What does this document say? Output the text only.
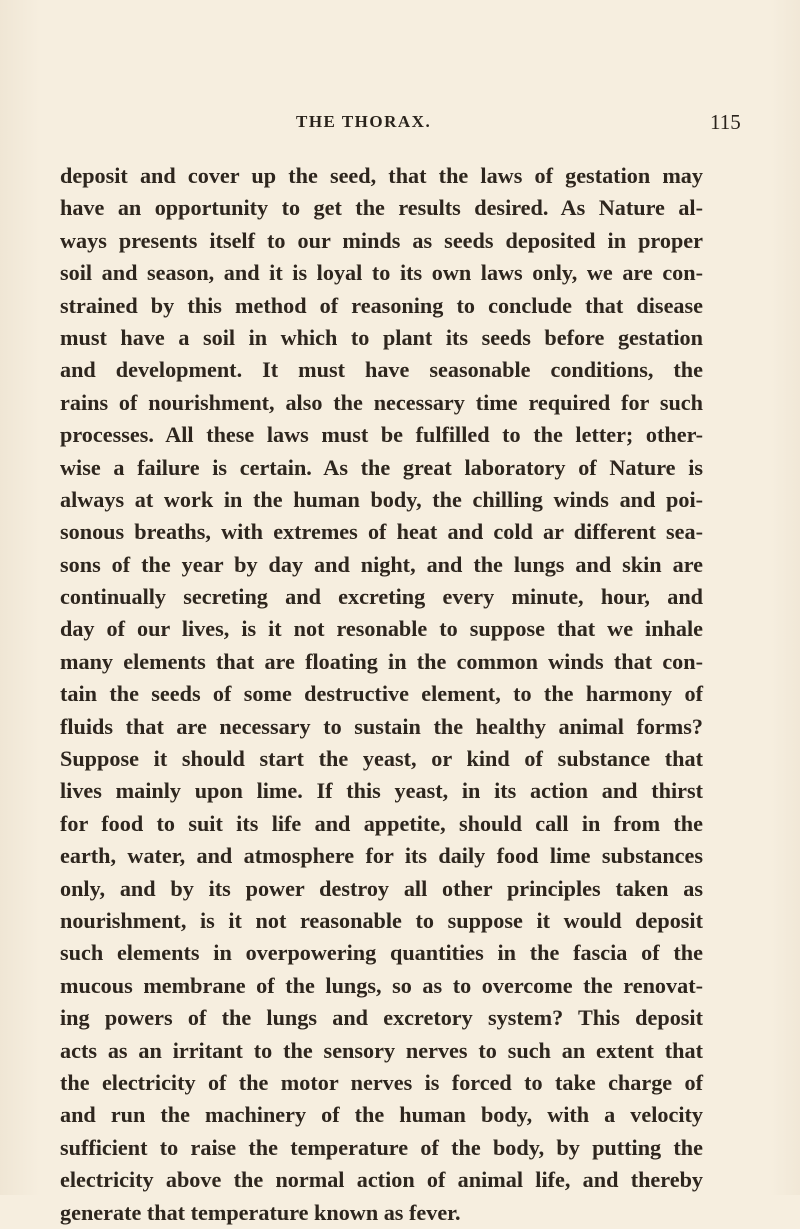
THE THORAX.	115
deposit and cover up the seed, that the laws of gestation may
have an opportunity to get the results desired. As Nature al-
ways presents itself to our minds as seeds deposited in proper
soil and season, and it is loyal to its own laws only, we are con-
strained by this method of reasoning to conclude that disease
must have a soil in which to plant its seeds before gestation
and development. It must have seasonable conditions, the
rains of nourishment, also the necessary time required for such
processes. All these laws must be fulfilled to the letter; other-
wise a failure is certain. As the great laboratory of Nature is
always at work in the human body, the chilling winds and poi-
sonous breaths, with extremes of heat and cold ar different sea-
sons of the year by day and night, and the lungs and skin are
continually secreting and excreting every minute, hour, and
day of our lives, is it not resonable to suppose that we inhale
many elements that are floating in the common winds that con-
tain the seeds of some destructive element, to the harmony of
fluids that are necessary to sustain the healthy animal forms?
Suppose it should start the yeast, or kind of substance that
lives mainly upon lime. If this yeast, in its action and thirst
for food to suit its life and appetite, should call in from the
earth, water, and atmosphere for its daily food lime substances
only, and by its power destroy all other principles taken as
nourishment, is it not reasonable to suppose it would deposit
such elements in overpowering quantities in the fascia of the
mucous membrane of the lungs, so as to overcome the renovat-
ing powers of the lungs and excretory system? This deposit
acts as an irritant to the sensory nerves to such an extent that
the electricity of the motor nerves is forced to take charge of
and run the machinery of the human body, with a velocity
sufficient to raise the temperature of the body, by putting the
electricity above the normal action of animal life, and thereby
generate that temperature known as fever.
